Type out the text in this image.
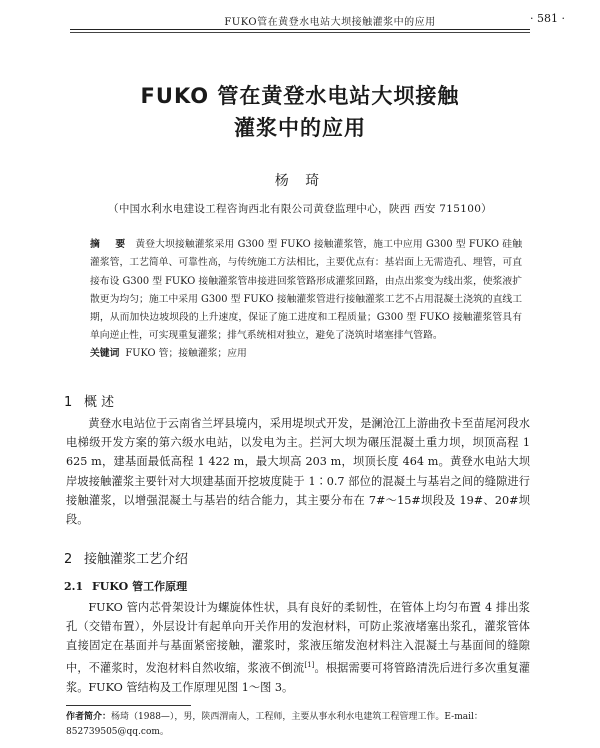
FUKO管在黄登水电站大坝接触灌浆中的应用	· 581 ·
FUKO 管在黄登水电站大坝接触
灌浆中的应用
杨 琦
（中国水利水电建设工程咨询西北有限公司黄登监理中心，陕西 西安 715100）
摘 要 黄登大坝接触灌浆采用 G300 型 FUKO 接触灌浆管，施工中应用 G300 型 FUKO 硅触灌浆管，工艺简单、可靠性高，与传统施工方法相比，主要优点有：基岩面上无需造孔、埋管，可直接布设 G300 型 FUKO 接触灌浆管串接进回浆管路形成灌浆回路，由点出浆变为线出浆，使浆液扩散更为均匀；施工中采用 G300 型 FUKO 接触灌浆管进行接触灌浆工艺不占用混凝土浇筑的直线工期，从而加快边坡坝段的上升速度，保证了施工进度和工程质量；G300 型 FUKO 接触灌浆管具有单向逆止性，可实现重复灌浆；排气系统相对独立，避免了浇筑时堵塞排气管路。
关键词 FUKO 管；接触灌浆；应用
1 概 述
黄登水电站位于云南省兰坪县境内，采用堤坝式开发，是澜沧江上游曲孜卡至苗尾河段水电梯级开发方案的第六级水电站，以发电为主。拦河大坝为碾压混凝土重力坝，坝顶高程 1 625 m，建基面最低高程 1 422 m，最大坝高 203 m，坝顶长度 464 m。黄登水电站大坝岸坡接触灌浆主要针对大坝建基面开挖坡度陡于 1∶0.7 部位的混凝土与基岩之间的缝隙进行接触灌浆，以增强混凝土与基岩的结合能力，其主要分布在 7#～15#坝段及 19#、20#坝段。
2 接触灌浆工艺介绍
2.1 FUKO 管工作原理
FUKO 管内芯骨架设计为螺旋体性状，具有良好的柔韧性，在管体上均匀布置 4 排出浆孔（交错布置），外层设计有起单向开关作用的发泡材料，可防止浆液堵塞出浆孔，灌浆管体直接固定在基面并与基面紧密接触，灌浆时，浆液压缩发泡材料注入混凝土与基面间的缝隙中，不灌浆时，发泡材料自然收缩，浆液不倒流[1]。根据需要可将管路清洗后进行多次重复灌浆。FUKO 管结构及工作原理见图 1～图 3。
作者简介：杨琦（1988—），男，陕西渭南人，工程师，主要从事水利水电建筑工程管理工作。E-mail：852739505@qq.com。
